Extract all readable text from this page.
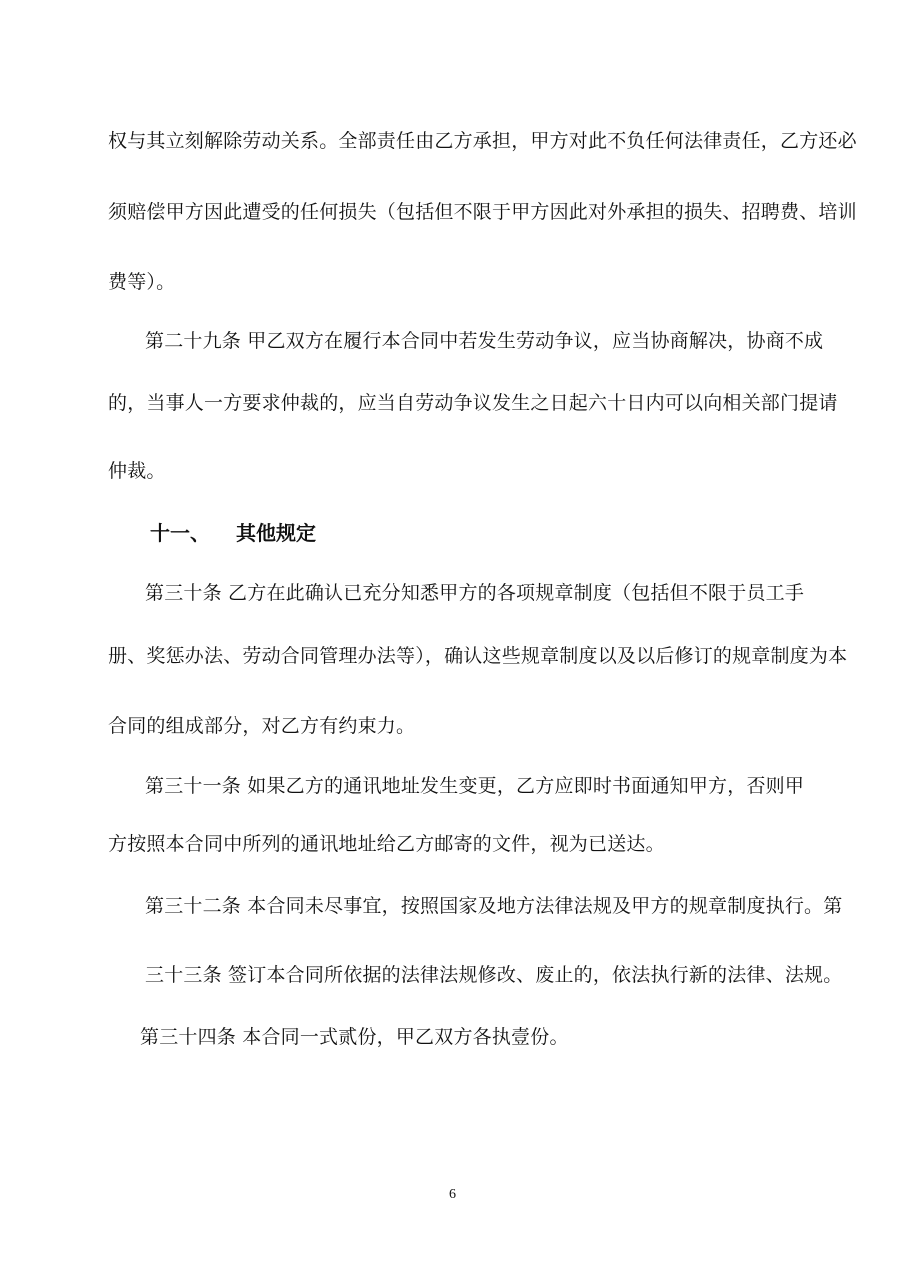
权与其立刻解除劳动关系。全部责任由乙方承担，甲方对此不负任何法律责任，乙方还必
须赔偿甲方因此遭受的任何损失（包括但不限于甲方因此对外承担的损失、招聘费、培训
费等）。
第二十九条 甲乙双方在履行本合同中若发生劳动争议，应当协商解决，协商不成
的，当事人一方要求仲裁的，应当自劳动争议发生之日起六十日内可以向相关部门提请
仲裁。
十一、 其他规定
第三十条 乙方在此确认已充分知悉甲方的各项规章制度（包括但不限于员工手
册、奖惩办法、劳动合同管理办法等），确认这些规章制度以及以后修订的规章制度为本
合同的组成部分，对乙方有约束力。
第三十一条 如果乙方的通讯地址发生变更，乙方应即时书面通知甲方，否则甲
方按照本合同中所列的通讯地址给乙方邮寄的文件，视为已送达。
第三十二条 本合同未尽事宜，按照国家及地方法律法规及甲方的规章制度执行。第
三十三条 签订本合同所依据的法律法规修改、废止的，依法执行新的法律、法规。
第三十四条 本合同一式贰份，甲乙双方各执壹份。
6
